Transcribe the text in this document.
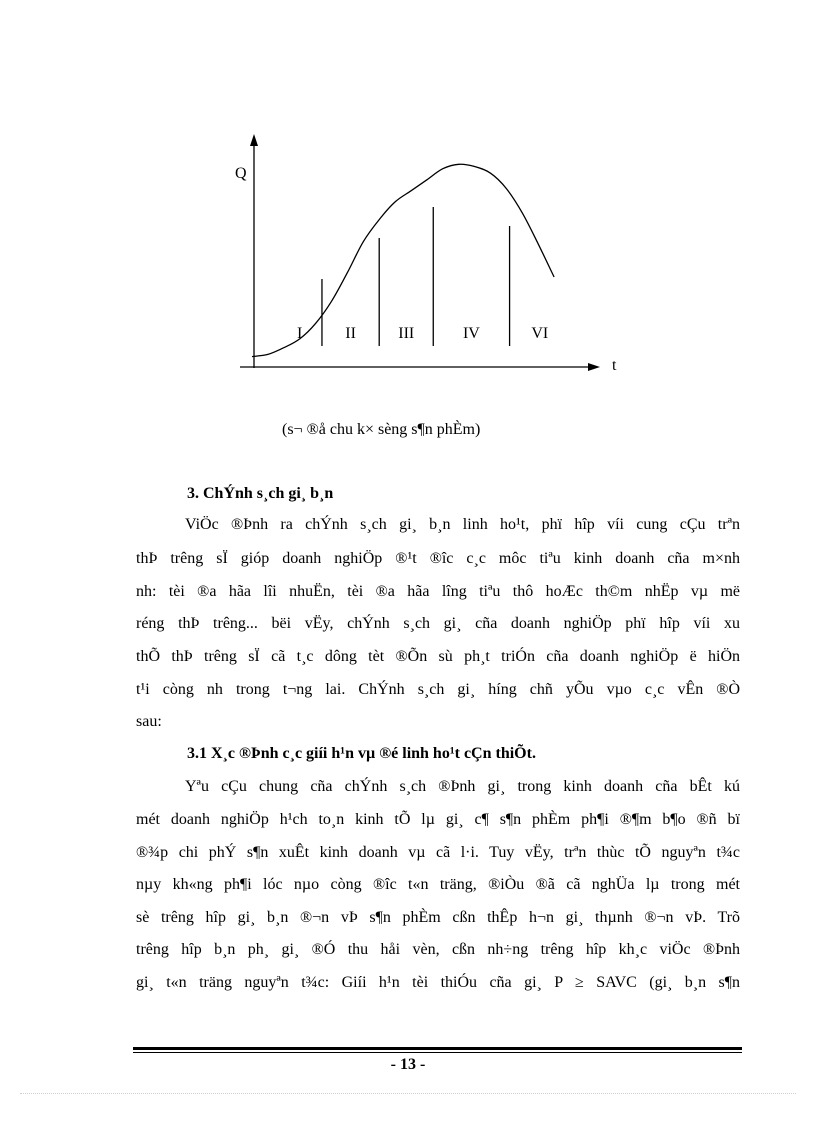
I	II	III	IV	VI
Q
t
(s¬ ®å chu k× sèng s¶n phÈm)
3. ChÝnh s¸ch gi¸ b¸n
ViÖc ®Þnh ra chÝnh s¸ch gi¸ b¸n linh ho¹t, phï hîp víi cung cÇu trªn
thÞ trêng sÏ gióp doanh nghiÖp ®¹t ®îc c¸c môc tiªu kinh doanh cña m×nh
nh: tèi ®a hãa lîi nhuËn, tèi ®a hãa lîng tiªu thô hoÆc th©m nhËp vµ më
réng thÞ trêng... bëi vËy, chÝnh s¸ch gi¸ cña doanh nghiÖp phï hîp víi xu
thÕ thÞ trêng sÏ cã t¸c dông tèt ®Õn sù ph¸t triÓn cña doanh nghiÖp ë hiÖn
t¹i còng nh trong t¬ng lai. ChÝnh s¸ch gi¸ híng chñ yÕu vµo c¸c vÊn ®Ò
sau:
3.1 X¸c ®Þnh c¸c giíi h¹n vµ ®é linh ho¹t cÇn thiÕt.
Yªu cÇu chung cña chÝnh s¸ch ®Þnh gi¸ trong kinh doanh cña bÊt kú
mét doanh nghiÖp h¹ch to¸n kinh tÕ lµ gi¸ c¶ s¶n phÈm ph¶i ®¶m b¶o ®ñ bï
®¾p chi phÝ s¶n xuÊt kinh doanh vµ cã l·i. Tuy vËy, trªn thùc tÕ nguyªn t¾c
nµy kh«ng ph¶i lóc nµo còng ®îc t«n träng, ®iÒu ®ã cã nghÜa lµ trong mét
sè trêng hîp gi¸ b¸n ®¬n vÞ s¶n phÈm cßn thÊp h¬n gi¸ thµnh ®¬n vÞ. Trõ
trêng hîp b¸n ph¸ gi¸ ®Ó thu håi vèn, cßn nh÷ng trêng hîp kh¸c viÖc ®Þnh
gi¸ t«n träng nguyªn t¾c: Giíi h¹n tèi thiÓu cña gi¸ P ≥ SAVC (gi¸ b¸n s¶n
- 13 -
